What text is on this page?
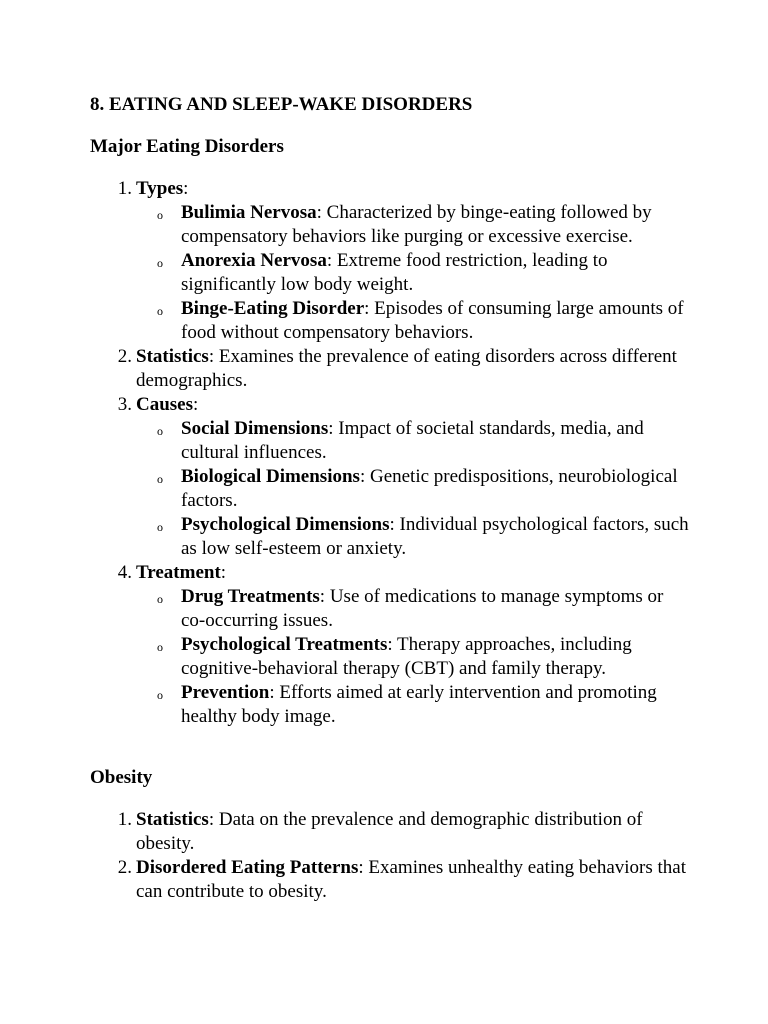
8. EATING AND SLEEP-WAKE DISORDERS
Major Eating Disorders
1. Types:
o Bulimia Nervosa: Characterized by binge-eating followed by compensatory behaviors like purging or excessive exercise.
o Anorexia Nervosa: Extreme food restriction, leading to significantly low body weight.
o Binge-Eating Disorder: Episodes of consuming large amounts of food without compensatory behaviors.
2. Statistics: Examines the prevalence of eating disorders across different demographics.
3. Causes:
o Social Dimensions: Impact of societal standards, media, and cultural influences.
o Biological Dimensions: Genetic predispositions, neurobiological factors.
o Psychological Dimensions: Individual psychological factors, such as low self-esteem or anxiety.
4. Treatment:
o Drug Treatments: Use of medications to manage symptoms or co-occurring issues.
o Psychological Treatments: Therapy approaches, including cognitive-behavioral therapy (CBT) and family therapy.
o Prevention: Efforts aimed at early intervention and promoting healthy body image.
Obesity
1. Statistics: Data on the prevalence and demographic distribution of obesity.
2. Disordered Eating Patterns: Examines unhealthy eating behaviors that can contribute to obesity.
